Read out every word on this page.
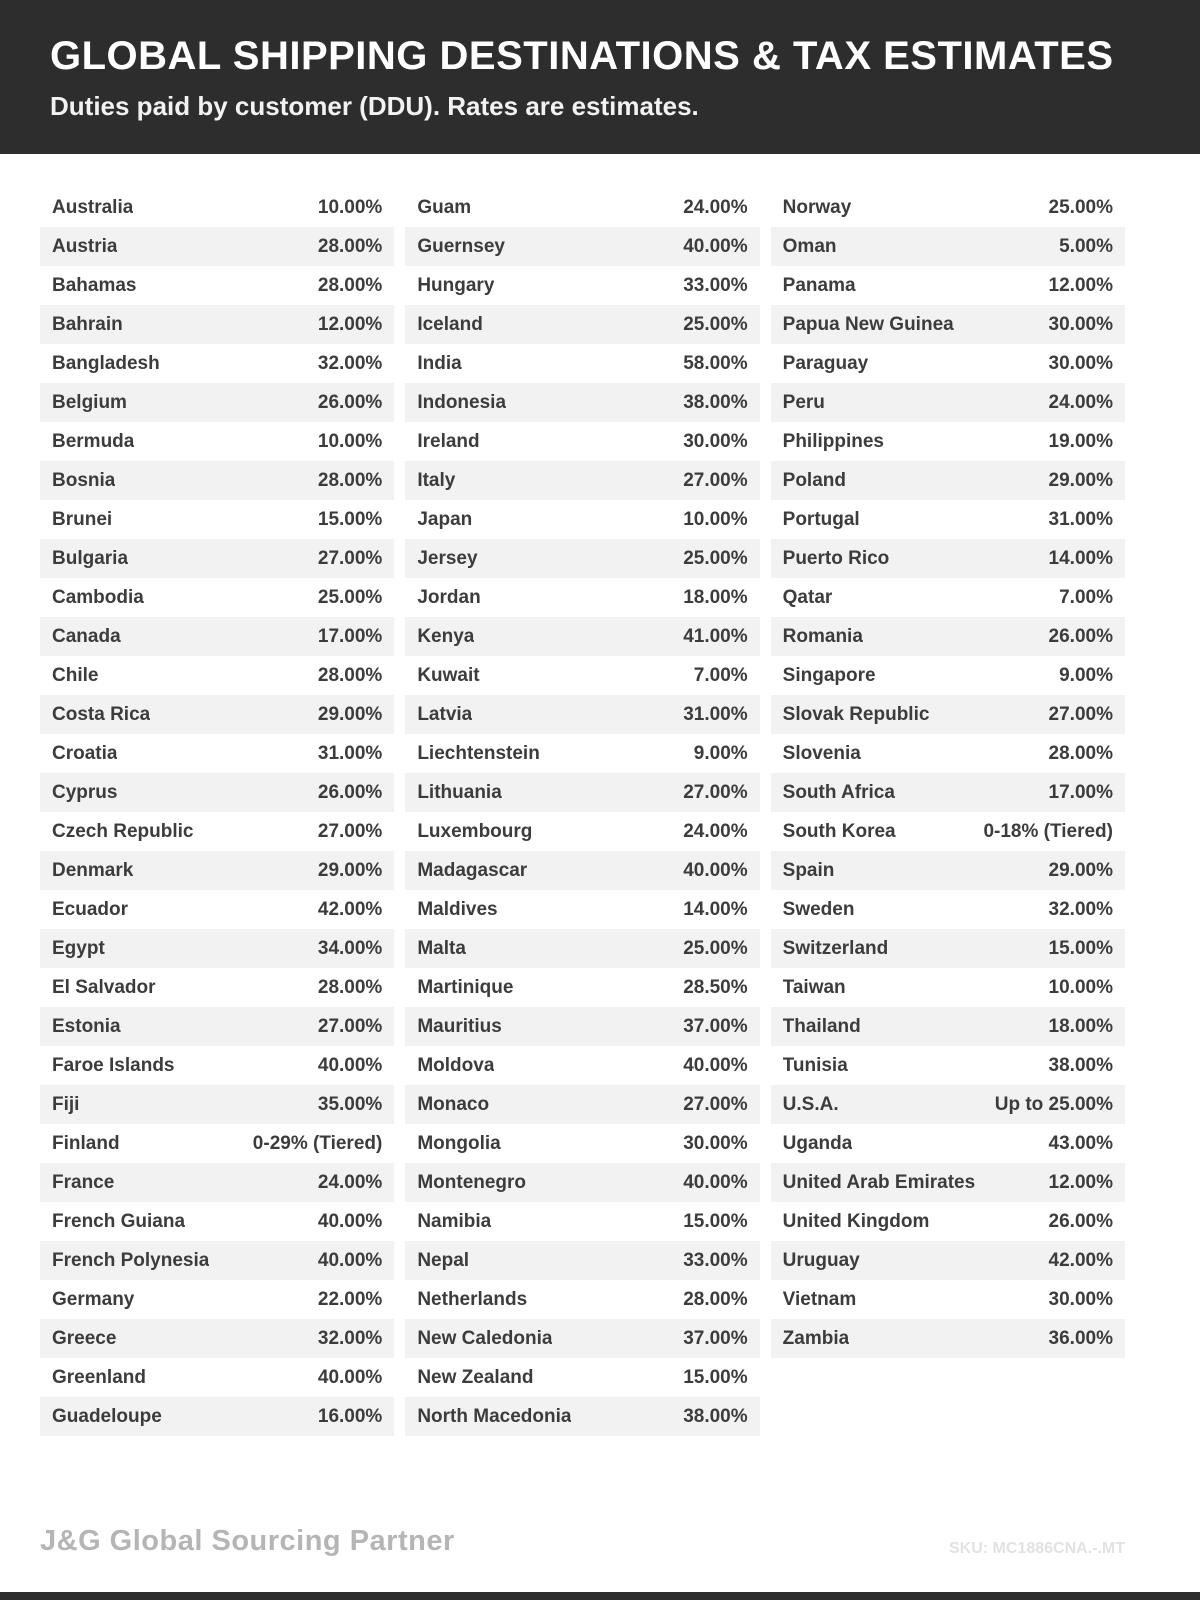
GLOBAL SHIPPING DESTINATIONS & TAX ESTIMATES

Duties paid by customer (DDU). Rates are estimates.

Australia	10.00%
Austria	28.00%
Bahamas	28.00%
Bahrain	12.00%
Bangladesh	32.00%
Belgium	26.00%
Bermuda	10.00%
Bosnia	28.00%
Brunei	15.00%
Bulgaria	27.00%
Cambodia	25.00%
Canada	17.00%
Chile	28.00%
Costa Rica	29.00%
Croatia	31.00%
Cyprus	26.00%
Czech Republic	27.00%
Denmark	29.00%
Ecuador	42.00%
Egypt	34.00%
El Salvador	28.00%
Estonia	27.00%
Faroe Islands	40.00%
Fiji	35.00%
Finland	0-29% (Tiered)
France	24.00%
French Guiana	40.00%
French Polynesia	40.00%
Germany	22.00%
Greece	32.00%
Greenland	40.00%
Guadeloupe	16.00%
Guam	24.00%
Guernsey	40.00%
Hungary	33.00%
Iceland	25.00%
India	58.00%
Indonesia	38.00%
Ireland	30.00%
Italy	27.00%
Japan	10.00%
Jersey	25.00%
Jordan	18.00%
Kenya	41.00%
Kuwait	7.00%
Latvia	31.00%
Liechtenstein	9.00%
Lithuania	27.00%
Luxembourg	24.00%
Madagascar	40.00%
Maldives	14.00%
Malta	25.00%
Martinique	28.50%
Mauritius	37.00%
Moldova	40.00%
Monaco	27.00%
Mongolia	30.00%
Montenegro	40.00%
Namibia	15.00%
Nepal	33.00%
Netherlands	28.00%
New Caledonia	37.00%
New Zealand	15.00%
North Macedonia	38.00%
Norway	25.00%
Oman	5.00%
Panama	12.00%
Papua New Guinea	30.00%
Paraguay	30.00%
Peru	24.00%
Philippines	19.00%
Poland	29.00%
Portugal	31.00%
Puerto Rico	14.00%
Qatar	7.00%
Romania	26.00%
Singapore	9.00%
Slovak Republic	27.00%
Slovenia	28.00%
South Africa	17.00%
South Korea	0-18% (Tiered)
Spain	29.00%
Sweden	32.00%
Switzerland	15.00%
Taiwan	10.00%
Thailand	18.00%
Tunisia	38.00%
U.S.A.	Up to 25.00%
Uganda	43.00%
United Arab Emirates	12.00%
United Kingdom	26.00%
Uruguay	42.00%
Vietnam	30.00%
Zambia	36.00%
J&G Global Sourcing Partner	SKU: MC1886CNA.-.MT
